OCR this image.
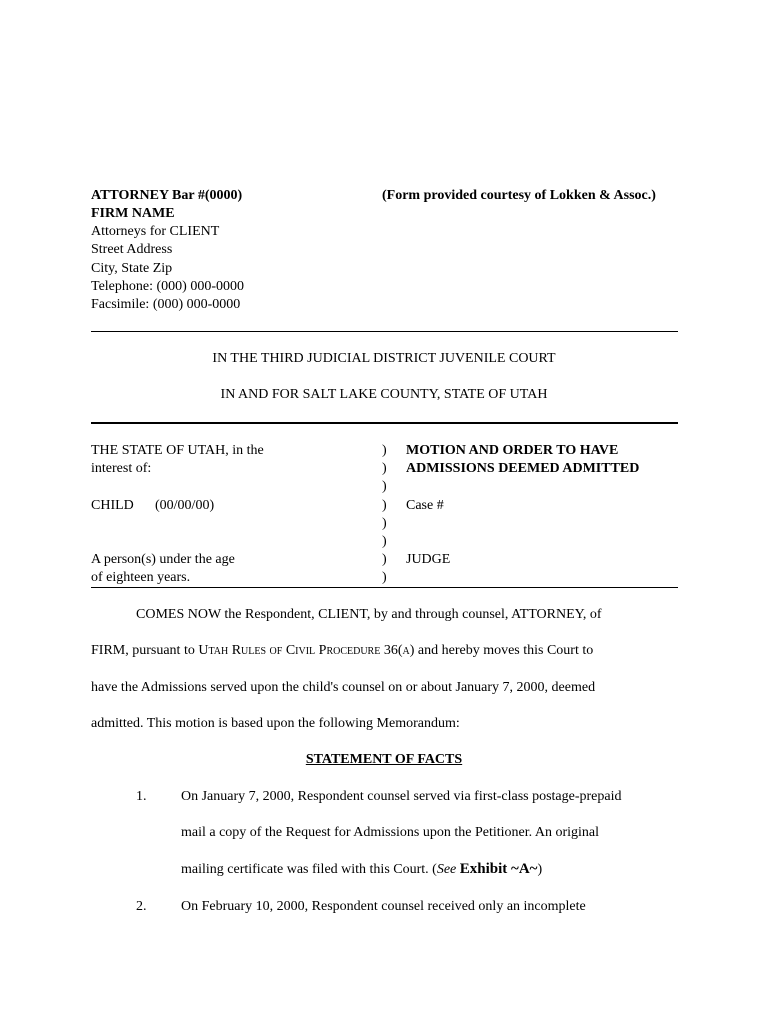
ATTORNEY Bar #(0000)	(Form provided courtesy of Lokken & Assoc.)
FIRM NAME
Attorneys for CLIENT
Street Address
City, State Zip
Telephone: (000) 000-0000
Facsimile: (000) 000-0000
IN THE THIRD JUDICIAL DISTRICT JUVENILE COURT
IN AND FOR SALT LAKE COUNTY, STATE OF UTAH
THE STATE OF UTAH, in the
interest of:
CHILD (00/00/00)
A person(s) under the age
of eighteen years.
)
)
)
)
)
)
)
)
MOTION AND ORDER TO HAVE
ADMISSIONS DEEMED ADMITTED
Case #
JUDGE
COMES NOW the Respondent, CLIENT, by and through counsel, ATTORNEY, of
FIRM, pursuant to Utah Rules of Civil Procedure 36(a) and hereby moves this Court to
have the Admissions served upon the child's counsel on or about January 7, 2000, deemed
admitted. This motion is based upon the following Memorandum:
STATEMENT OF FACTS
1. On January 7, 2000, Respondent counsel served via first-class postage-prepaid
mail a copy of the Request for Admissions upon the Petitioner. An original
mailing certificate was filed with this Court. (See Exhibit ~A~)
2. On February 10, 2000, Respondent counsel received only an incomplete
